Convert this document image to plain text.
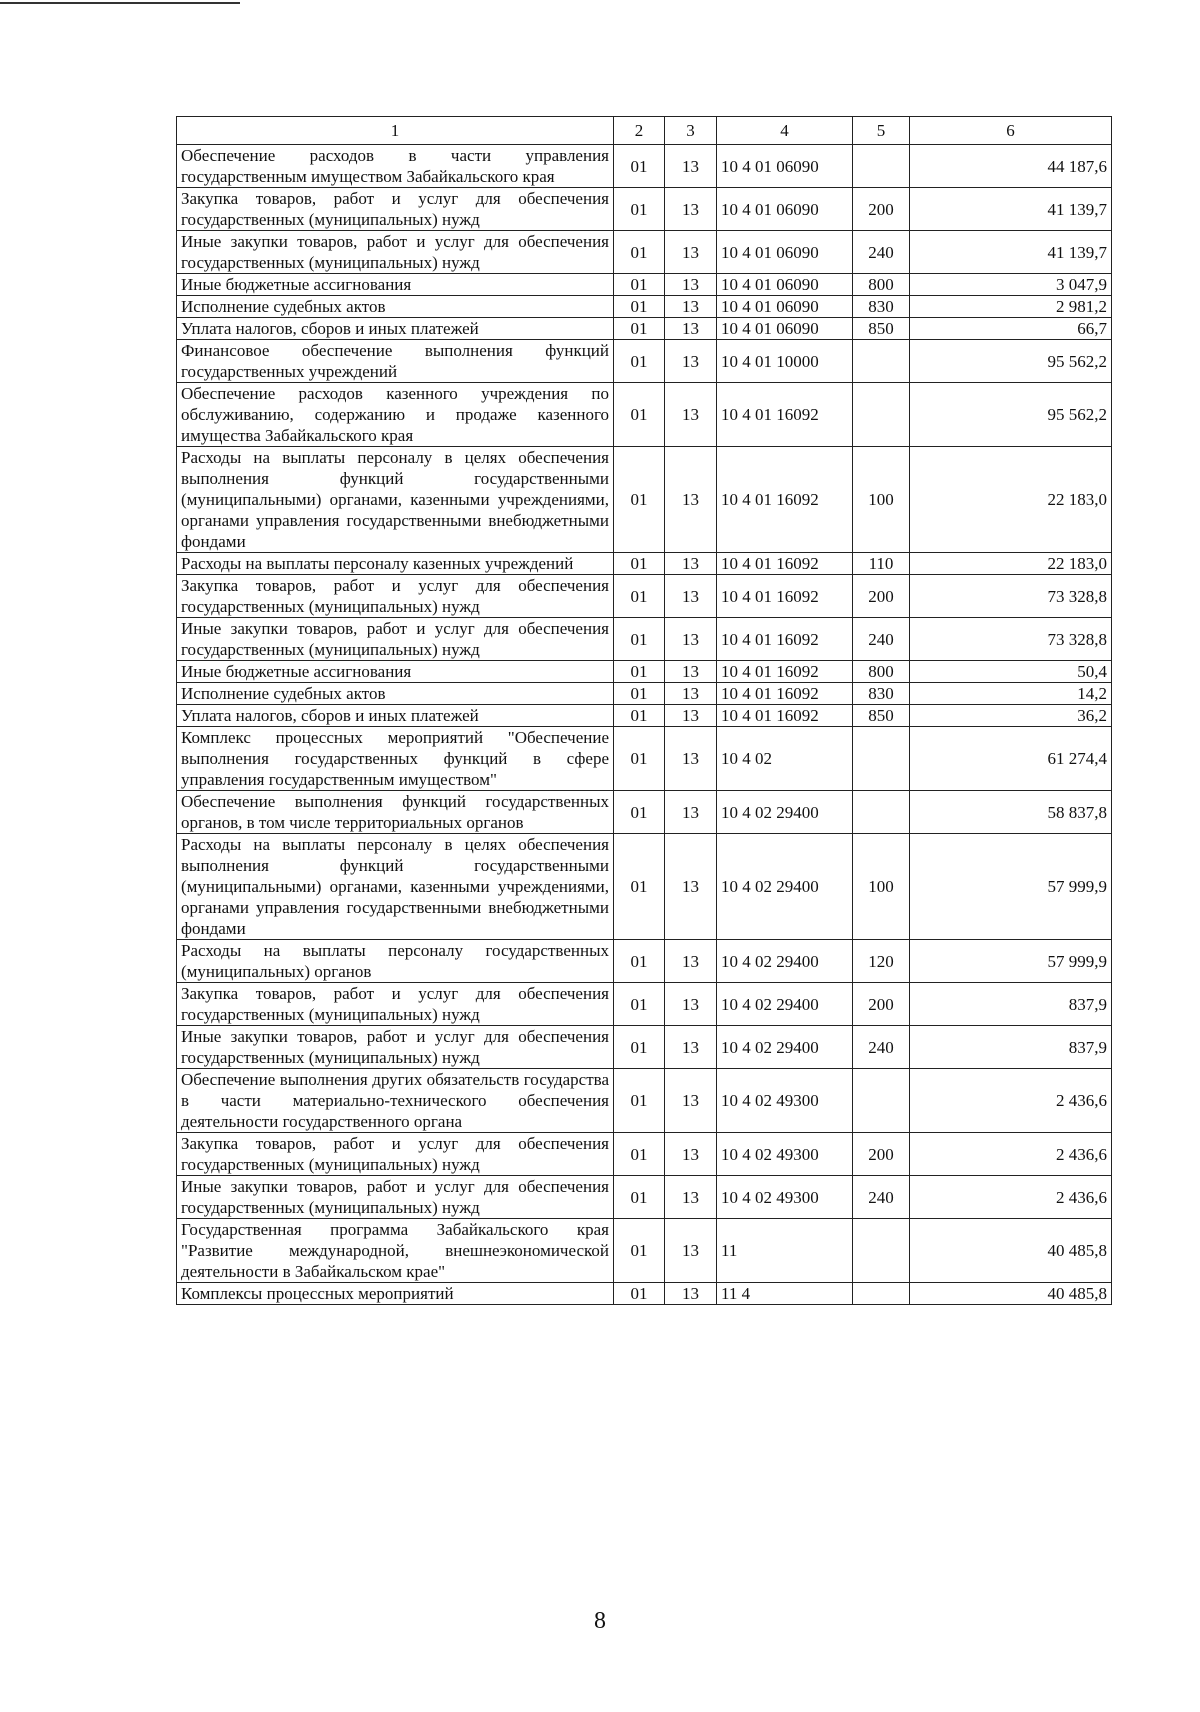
1	2	3	4	5	6
Обеспечение расходов в части управления государственным имуществом Забайкальского края	01	13	10 4 01 06090		44 187,6
Закупка товаров, работ и услуг для обеспечения государственных (муниципальных) нужд	01	13	10 4 01 06090	200	41 139,7
Иные закупки товаров, работ и услуг для обеспечения государственных (муниципальных) нужд	01	13	10 4 01 06090	240	41 139,7
Иные бюджетные ассигнования	01	13	10 4 01 06090	800	3 047,9
Исполнение судебных актов	01	13	10 4 01 06090	830	2 981,2
Уплата налогов, сборов и иных платежей	01	13	10 4 01 06090	850	66,7
Финансовое обеспечение выполнения функций государственных учреждений	01	13	10 4 01 10000		95 562,2
Обеспечение расходов казенного учреждения по обслуживанию, содержанию и продаже казенного имущества Забайкальского края	01	13	10 4 01 16092		95 562,2
Расходы на выплаты персоналу в целях обеспечения выполнения функций государственными (муниципальными) органами, казенными учреждениями, органами управления государственными внебюджетными фондами	01	13	10 4 01 16092	100	22 183,0
Расходы на выплаты персоналу казенных учреждений	01	13	10 4 01 16092	110	22 183,0
Закупка товаров, работ и услуг для обеспечения государственных (муниципальных) нужд	01	13	10 4 01 16092	200	73 328,8
Иные закупки товаров, работ и услуг для обеспечения государственных (муниципальных) нужд	01	13	10 4 01 16092	240	73 328,8
Иные бюджетные ассигнования	01	13	10 4 01 16092	800	50,4
Исполнение судебных актов	01	13	10 4 01 16092	830	14,2
Уплата налогов, сборов и иных платежей	01	13	10 4 01 16092	850	36,2
Комплекс процессных мероприятий "Обеспечение выполнения государственных функций в сфере управления государственным имуществом"	01	13	10 4 02		61 274,4
Обеспечение выполнения функций государственных органов, в том числе территориальных органов	01	13	10 4 02 29400		58 837,8
Расходы на выплаты персоналу в целях обеспечения выполнения функций государственными (муниципальными) органами, казенными учреждениями, органами управления государственными внебюджетными фондами	01	13	10 4 02 29400	100	57 999,9
Расходы на выплаты персоналу государственных (муниципальных) органов	01	13	10 4 02 29400	120	57 999,9
Закупка товаров, работ и услуг для обеспечения государственных (муниципальных) нужд	01	13	10 4 02 29400	200	837,9
Иные закупки товаров, работ и услуг для обеспечения государственных (муниципальных) нужд	01	13	10 4 02 29400	240	837,9
Обеспечение выполнения других обязательств государства в части материально-технического обеспечения деятельности государственного органа	01	13	10 4 02 49300		2 436,6
Закупка товаров, работ и услуг для обеспечения государственных (муниципальных) нужд	01	13	10 4 02 49300	200	2 436,6
Иные закупки товаров, работ и услуг для обеспечения государственных (муниципальных) нужд	01	13	10 4 02 49300	240	2 436,6
Государственная программа Забайкальского края "Развитие международной, внешнеэкономической деятельности в Забайкальском крае"	01	13	11		40 485,8
Комплексы процессных мероприятий	01	13	11 4		40 485,8
8
